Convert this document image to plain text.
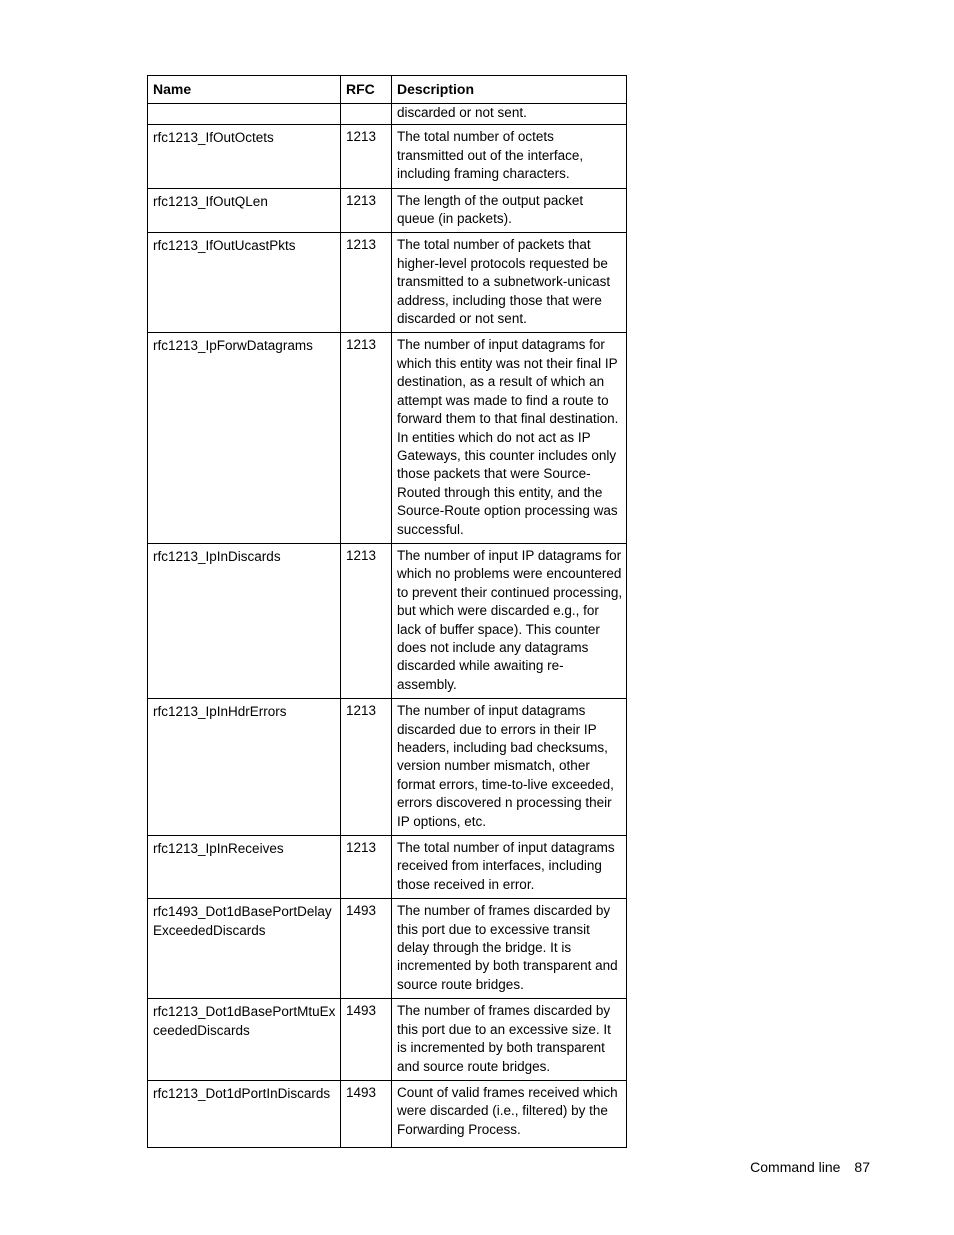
Name	RFC	Description
		discarded or not sent.
rfc1213_IfOutOctets	1213	The total number of octets transmitted out of the interface, including framing characters.
rfc1213_IfOutQLen	1213	The length of the output packet queue (in packets).
rfc1213_IfOutUcastPkts	1213	The total number of packets that higher-level protocols requested be transmitted to a subnetwork-unicast address, including those that were discarded or not sent.
rfc1213_IpForwDatagrams	1213	The number of input datagrams for which this entity was not their final IP destination, as a result of which an attempt was made to find a route to forward them to that final destination. In entities which do not act as IP Gateways, this counter includes only those packets that were Source-Routed through this entity, and the Source-Route option processing was successful.
rfc1213_IpInDiscards	1213	The number of input IP datagrams for which no problems were encountered to prevent their continued processing, but which were discarded e.g., for lack of buffer space). This counter does not include any datagrams discarded while awaiting re-assembly.
rfc1213_IpInHdrErrors	1213	The number of input datagrams discarded due to errors in their IP headers, including bad checksums, version number mismatch, other format errors, time-to-live exceeded, errors discovered n processing their IP options, etc.
rfc1213_IpInReceives	1213	The total number of input datagrams received from interfaces, including those received in error.
rfc1493_Dot1dBasePortDelayExceededDiscards	1493	The number of frames discarded by this port due to excessive transit delay through the bridge. It is incremented by both transparent and source route bridges.
rfc1213_Dot1dBasePortMtuExceededDiscards	1493	The number of frames discarded by this port due to an excessive size. It is incremented by both transparent and source route bridges.
rfc1213_Dot1dPortInDiscards	1493	Count of valid frames received which were discarded (i.e., filtered) by the Forwarding Process.
Command line 87
